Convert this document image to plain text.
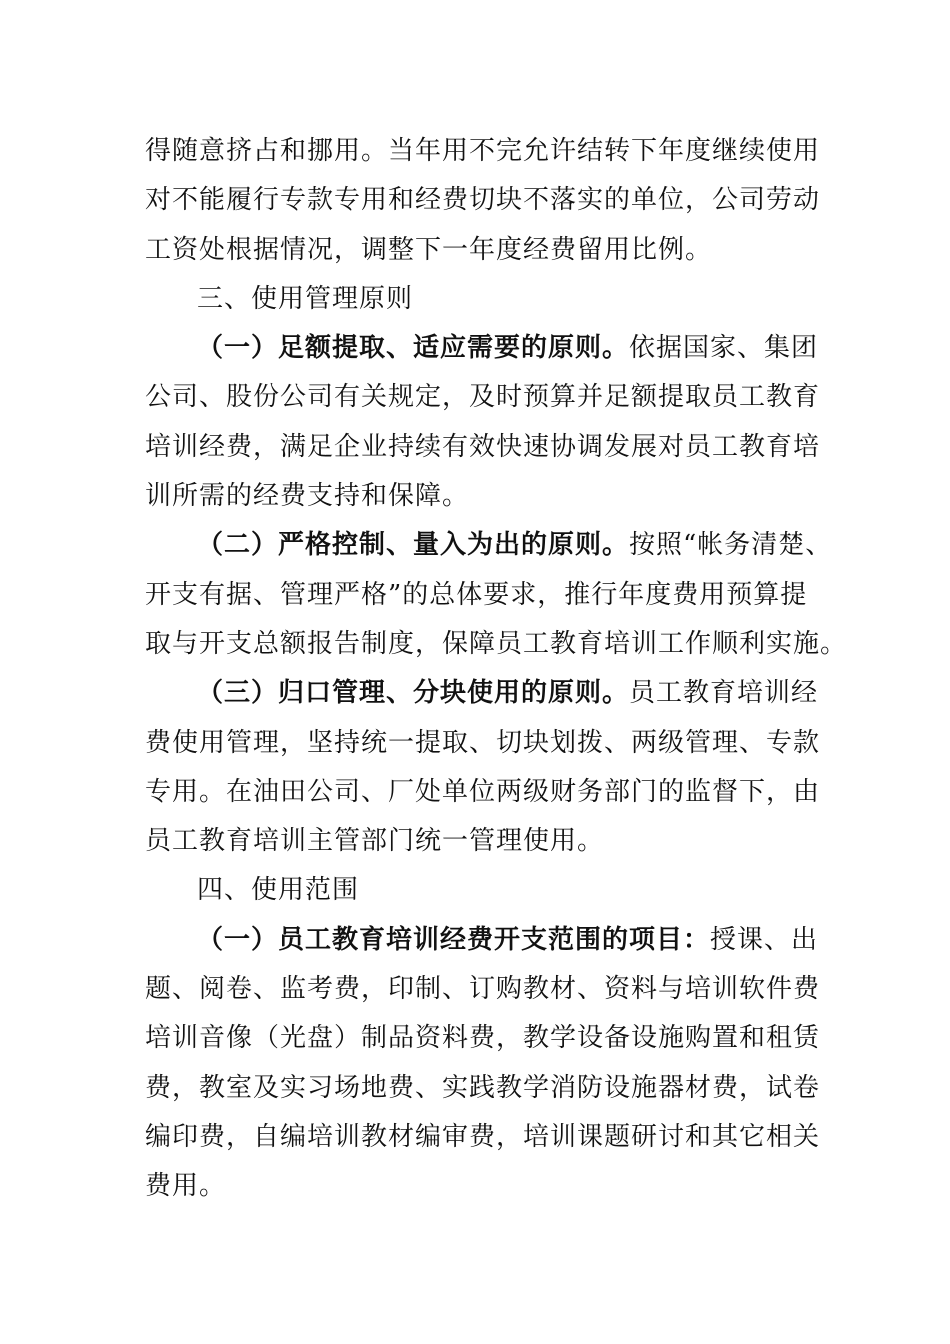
得随意挤占和挪用。当年用不完允许结转下年度继续使用
对不能履行专款专用和经费切块不落实的单位，公司劳动
工资处根据情况，调整下一年度经费留用比例。
三、使用管理原则
（一）足额提取、适应需要的原则。依据国家、集团
公司、股份公司有关规定，及时预算并足额提取员工教育
培训经费，满足企业持续有效快速协调发展对员工教育培
训所需的经费支持和保障。
（二）严格控制、量入为出的原则。按照“帐务清楚、
开支有据、管理严格”的总体要求，推行年度费用预算提
取与开支总额报告制度，保障员工教育培训工作顺利实施。
（三）归口管理、分块使用的原则。员工教育培训经
费使用管理，坚持统一提取、切块划拨、两级管理、专款
专用。在油田公司、厂处单位两级财务部门的监督下，由
员工教育培训主管部门统一管理使用。
四、使用范围
（一）员工教育培训经费开支范围的项目：授课、出
题、阅卷、监考费，印制、订购教材、资料与培训软件费
培训音像（光盘）制品资料费，教学设备设施购置和租赁
费，教室及实习场地费、实践教学消防设施器材费，试卷
编印费，自编培训教材编审费，培训课题研讨和其它相关
费用。
